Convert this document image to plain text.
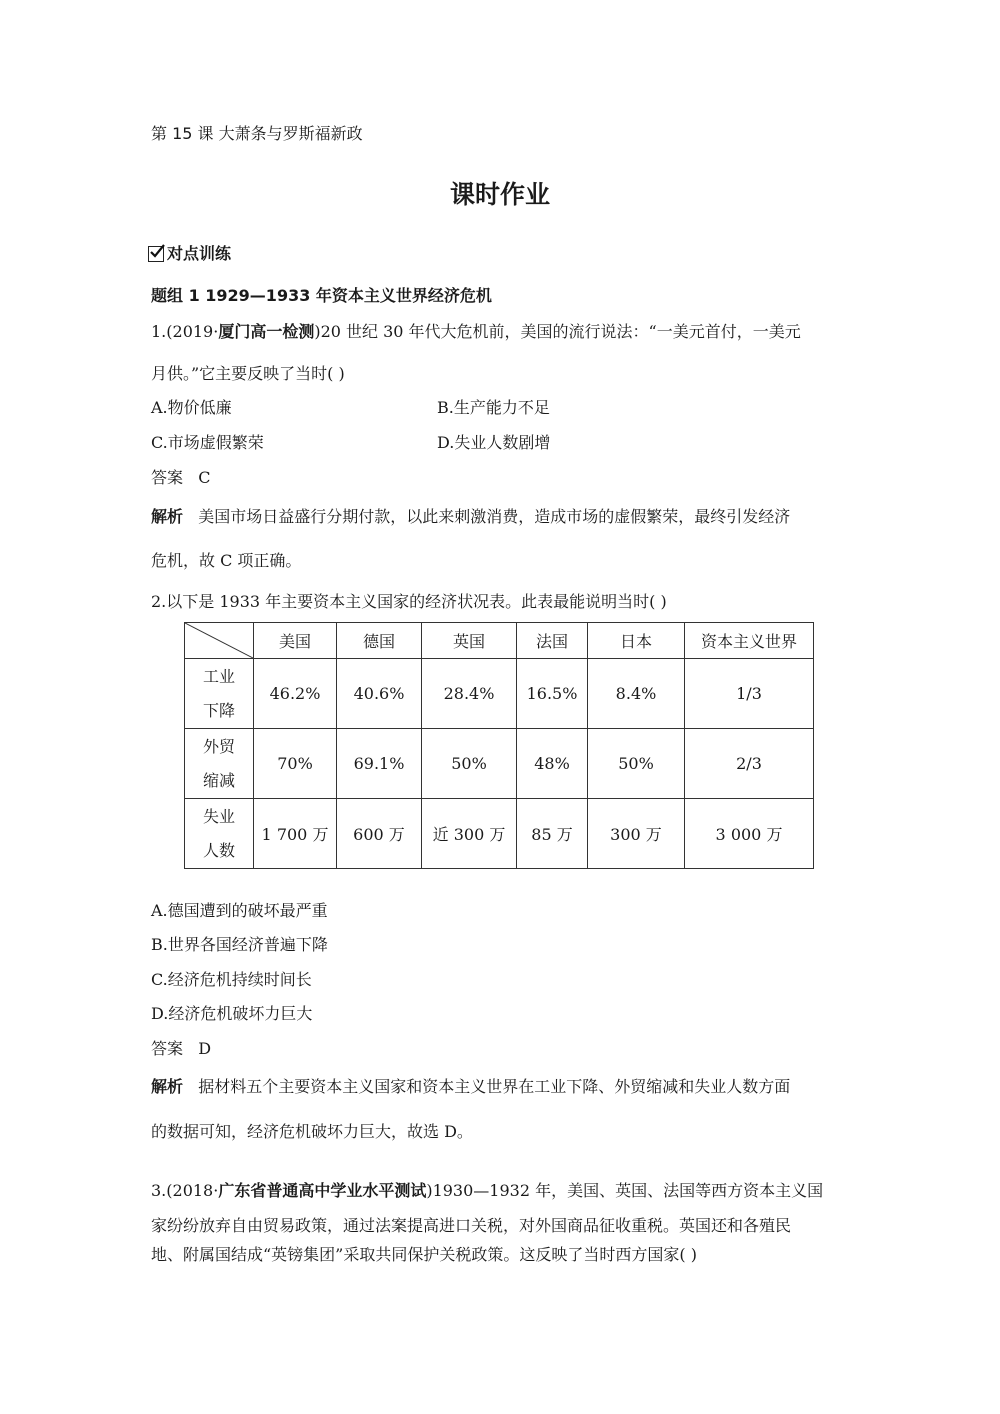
第 15 课 大萧条与罗斯福新政
课时作业
对点训练
题组 1 1929—1933 年资本主义世界经济危机
1.(2019·厦门高一检测)20 世纪 30 年代大危机前，美国的流行说法：“一美元首付，一美元
月供。”它主要反映了当时( )
A.物价低廉	B.生产能力不足
C.市场虚假繁荣	D.失业人数剧增
答案 C
解析 美国市场日益盛行分期付款，以此来刺激消费，造成市场的虚假繁荣，最终引发经济
危机，故 C 项正确。
2.以下是 1933 年主要资本主义国家的经济状况表。此表最能说明当时( )
	美国	德国	英国	法国	日本	资本主义世界

工业
下降	46.2%	40.6%	28.4%	16.5%	8.4%	1/3

外贸
缩减	70%	69.1%	50%	48%	50%	2/3

失业
人数	1 700 万	600 万	近 300 万	85 万	300 万	3 000 万
A.德国遭到的破坏最严重
B.世界各国经济普遍下降
C.经济危机持续时间长
D.经济危机破坏力巨大
答案 D
解析 据材料五个主要资本主义国家和资本主义世界在工业下降、外贸缩减和失业人数方面
的数据可知，经济危机破坏力巨大，故选 D。
3.(2018·广东省普通高中学业水平测试)1930—1932 年，美国、英国、法国等西方资本主义国
家纷纷放弃自由贸易政策，通过法案提高进口关税，对外国商品征收重税。英国还和各殖民
地、附属国结成“英镑集团”采取共同保护关税政策。这反映了当时西方国家( )
